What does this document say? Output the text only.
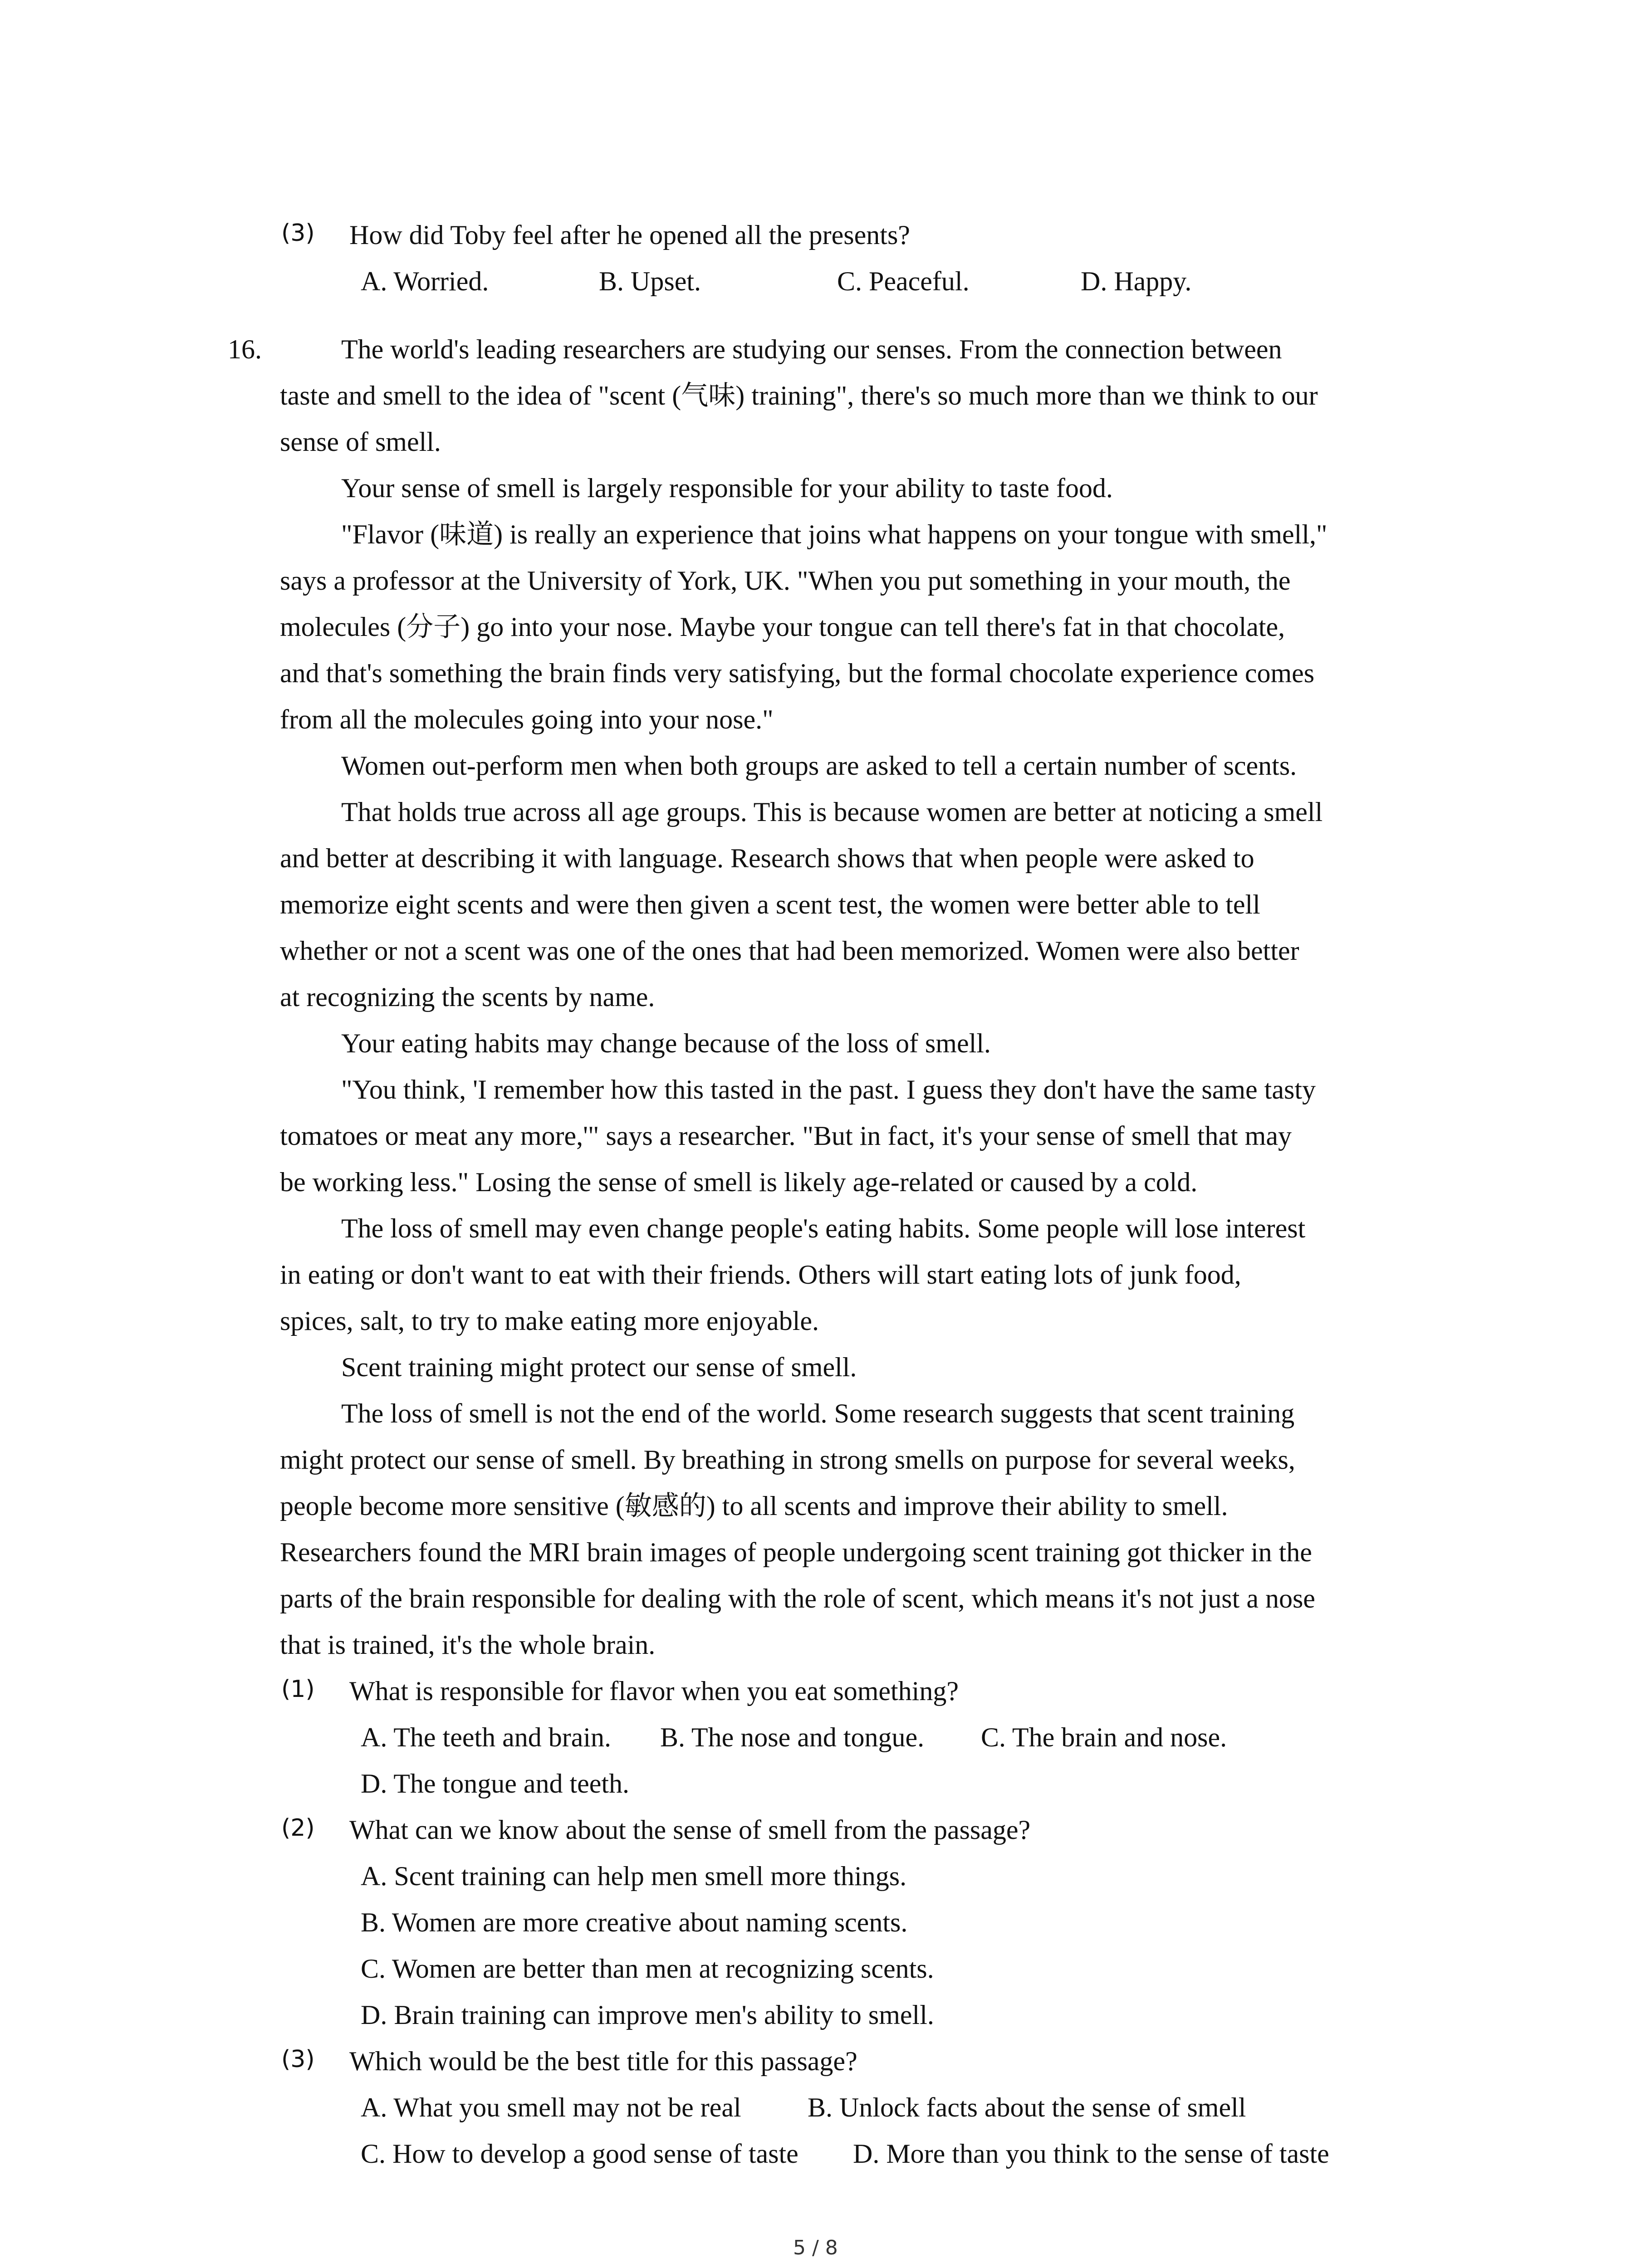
(3) How did Toby feel after he opened all the presents?
A. Worried.	B. Upset.	C. Peaceful.	D. Happy.
16.	The world's leading researchers are studying our senses. From the connection between
taste and smell to the idea of "scent (气味) training", there's so much more than we think to our
sense of smell.
Your sense of smell is largely responsible for your ability to taste food.
"Flavor (味道) is really an experience that joins what happens on your tongue with smell,"
says a professor at the University of York, UK. "When you put something in your mouth, the
molecules (分子) go into your nose. Maybe your tongue can tell there's fat in that chocolate,
and that's something the brain finds very satisfying, but the formal chocolate experience comes
from all the molecules going into your nose."
Women out-perform men when both groups are asked to tell a certain number of scents.
That holds true across all age groups. This is because women are better at noticing a smell
and better at describing it with language. Research shows that when people were asked to
memorize eight scents and were then given a scent test, the women were better able to tell
whether or not a scent was one of the ones that had been memorized. Women were also better
at recognizing the scents by name.
Your eating habits may change because of the loss of smell.
"You think, 'I remember how this tasted in the past. I guess they don't have the same tasty
tomatoes or meat any more,'" says a researcher. "But in fact, it's your sense of smell that may
be working less." Losing the sense of smell is likely age-related or caused by a cold.
The loss of smell may even change people's eating habits. Some people will lose interest
in eating or don't want to eat with their friends. Others will start eating lots of junk food,
spices, salt, to try to make eating more enjoyable.
Scent training might protect our sense of smell.
The loss of smell is not the end of the world. Some research suggests that scent training
might protect our sense of smell. By breathing in strong smells on purpose for several weeks,
people become more sensitive (敏感的) to all scents and improve their ability to smell.
Researchers found the MRI brain images of people undergoing scent training got thicker in the
parts of the brain responsible for dealing with the role of scent, which means it's not just a nose
that is trained, it's the whole brain.
(1) What is responsible for flavor when you eat something?
A. The teeth and brain. B. The nose and tongue. C. The brain and nose.
D. The tongue and teeth.
(2) What can we know about the sense of smell from the passage?
A. Scent training can help men smell more things.
B. Women are more creative about naming scents.
C. Women are better than men at recognizing scents.
D. Brain training can improve men's ability to smell.
(3) Which would be the best title for this passage?
A. What you smell may not be real B. Unlock facts about the sense of smell
C. How to develop a good sense of taste D. More than you think to the sense of taste
5 / 8
